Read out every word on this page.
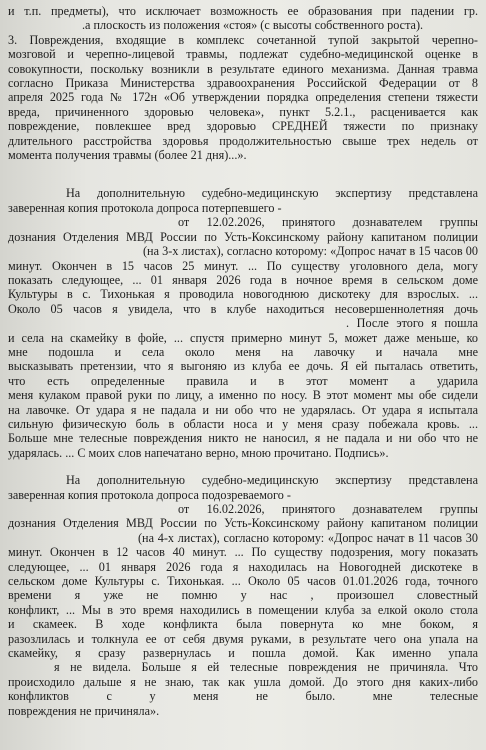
и т.п. предметы), что исключает возможность ее образования при падении гр.
.а плоскость из положения «стоя» (с высоты собственного роста).
3. Повреждения, входящие в комплекс сочетанной тупой закрытой черепно-
мозговой и черепно-лицевой травмы, подлежат судебно-медицинской оценке в
совокупности, поскольку возникли в результате единого механизма. Данная травма
согласно Приказа Министерства здравоохранения Российской Федерации от 8
апреля 2025 года № 172н «Об утверждении порядка определения степени тяжести
вреда, причиненного здоровью человека», пункт 5.2.1., расценивается как
повреждение, повлекшее вред здоровью СРЕДНЕЙ тяжести по признаку
длительного расстройства здоровья продолжительностью свыше трех недель от
момента получения травмы (более 21 дня)...».
На дополнительную судебно-медицинскую экспертизу представлена
заверенная копия протокола допроса потерпевшего -
от 12.02.2026, принятого дознавателем группы
дознания Отделения МВД России по Усть-Коксинскому району капитаном полиции
(на 3-х листах), согласно которому: «Допрос начат в 15 часов 00
минут. Окончен в 15 часов 25 минут. ... По существу уголовного дела, могу
показать следующее, ... 01 января 2026 года в ночное время в сельском доме
Культуры в с. Тихонькая я проводила новогоднюю дискотеку для взрослых. ...
Около 05 часов я увидела, что в клубе находиться несовершеннолетняя дочь
. После этого я пошла
и села на скамейку в фойе, ... спустя примерно минут 5, может даже меньше, ко
мне подошла и села около меня на лавочку и начала мне
высказывать претензии, что я выгоняю из клуба ее дочь. Я ей пыталась ответить,
что есть определенные правила и в этот момент а ударила
меня кулаком правой руки по лицу, а именно по носу. В этот момент мы обе сидели
на лавочке. От удара я не падала и ни обо что не ударялась. От удара я испытала
сильную физическую боль в области носа и у меня сразу побежала кровь. ...
Больше мне телесные повреждения никто не наносил, я не падала и ни обо что не
ударялась. ... С моих слов напечатано верно, мною прочитано. Подпись».
На дополнительную судебно-медицинскую экспертизу представлена
заверенная копия протокола допроса подозреваемого -
от 16.02.2026, принятого дознавателем группы
дознания Отделения МВД России по Усть-Коксинскому району капитаном полиции
(на 4-х листах), согласно которому: «Допрос начат в 11 часов 30
минут. Окончен в 12 часов 40 минут. ... По существу подозрения, могу показать
следующее, ... 01 января 2026 года я находилась на Новогодней дискотеке в
сельском доме Культуры с. Тихонькая. ... Около 05 часов 01.01.2026 года, точного
времени я уже не помню у нас , произошел словестный
конфликт, ... Мы в это время находились в помещении клуба за елкой около стола
и скамеек. В ходе конфликта была повернута ко мне боком, я
разозлилась и толкнула ее от себя двумя руками, в результате чего она упала на
скамейку, я сразу развернулась и пошла домой. Как именно упала
я не видела. Больше я ей телесные повреждения не причиняла. Что
происходило дальше я не знаю, так как ушла домой. До этого дня каких-либо
конфликтов с у меня не было. мне телесные
повреждения не причиняла».
